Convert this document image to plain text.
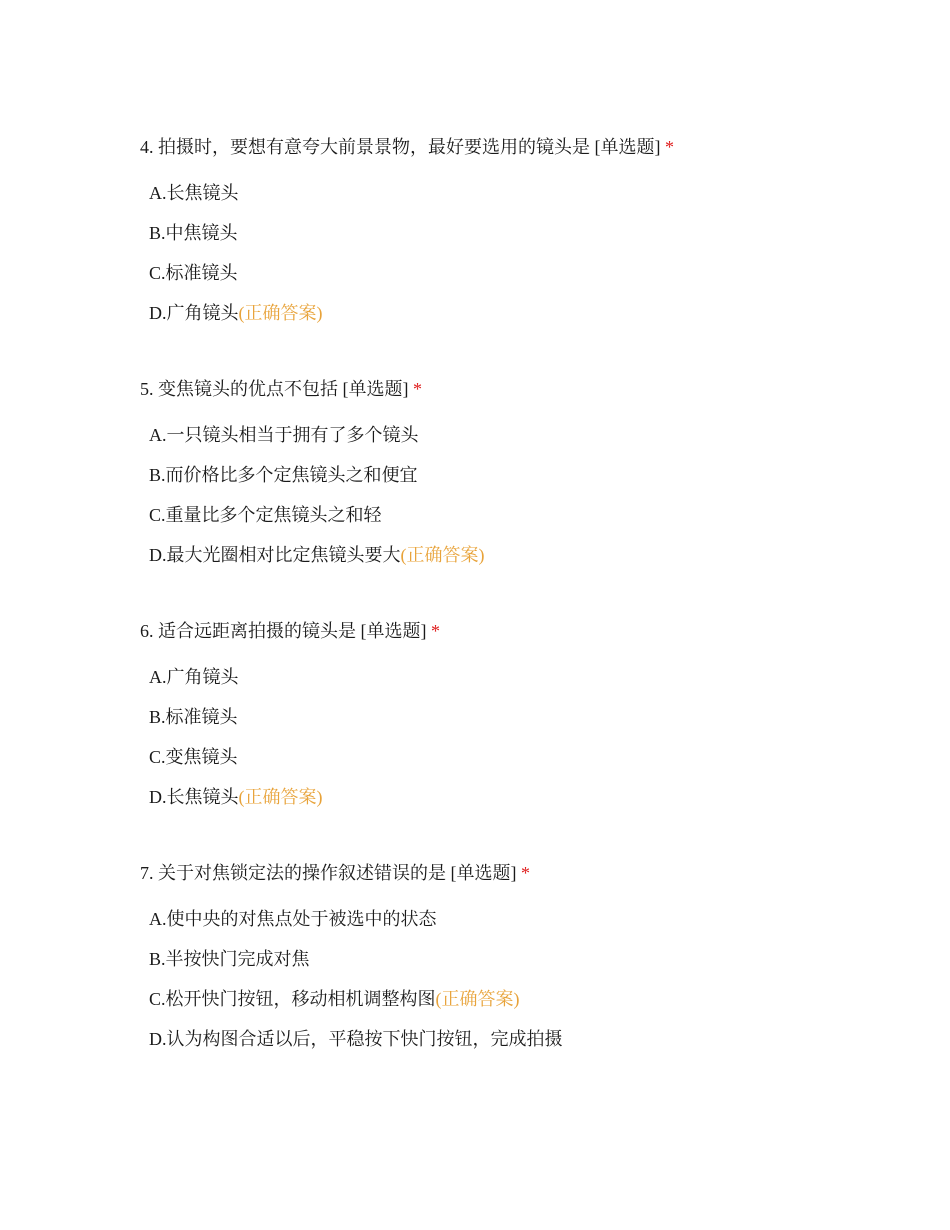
4. 拍摄时，要想有意夸大前景景物，最好要选用的镜头是 [单选题] *
A.长焦镜头
B.中焦镜头
C.标准镜头
D.广角镜头(正确答案)
5. 变焦镜头的优点不包括 [单选题] *
A.一只镜头相当于拥有了多个镜头
B.而价格比多个定焦镜头之和便宜
C.重量比多个定焦镜头之和轻
D.最大光圈相对比定焦镜头要大(正确答案)
6. 适合远距离拍摄的镜头是 [单选题] *
A.广角镜头
B.标准镜头
C.变焦镜头
D.长焦镜头(正确答案)
7. 关于对焦锁定法的操作叙述错误的是 [单选题] *
A.使中央的对焦点处于被选中的状态
B.半按快门完成对焦
C.松开快门按钮，移动相机调整构图(正确答案)
D.认为构图合适以后，平稳按下快门按钮，完成拍摄
